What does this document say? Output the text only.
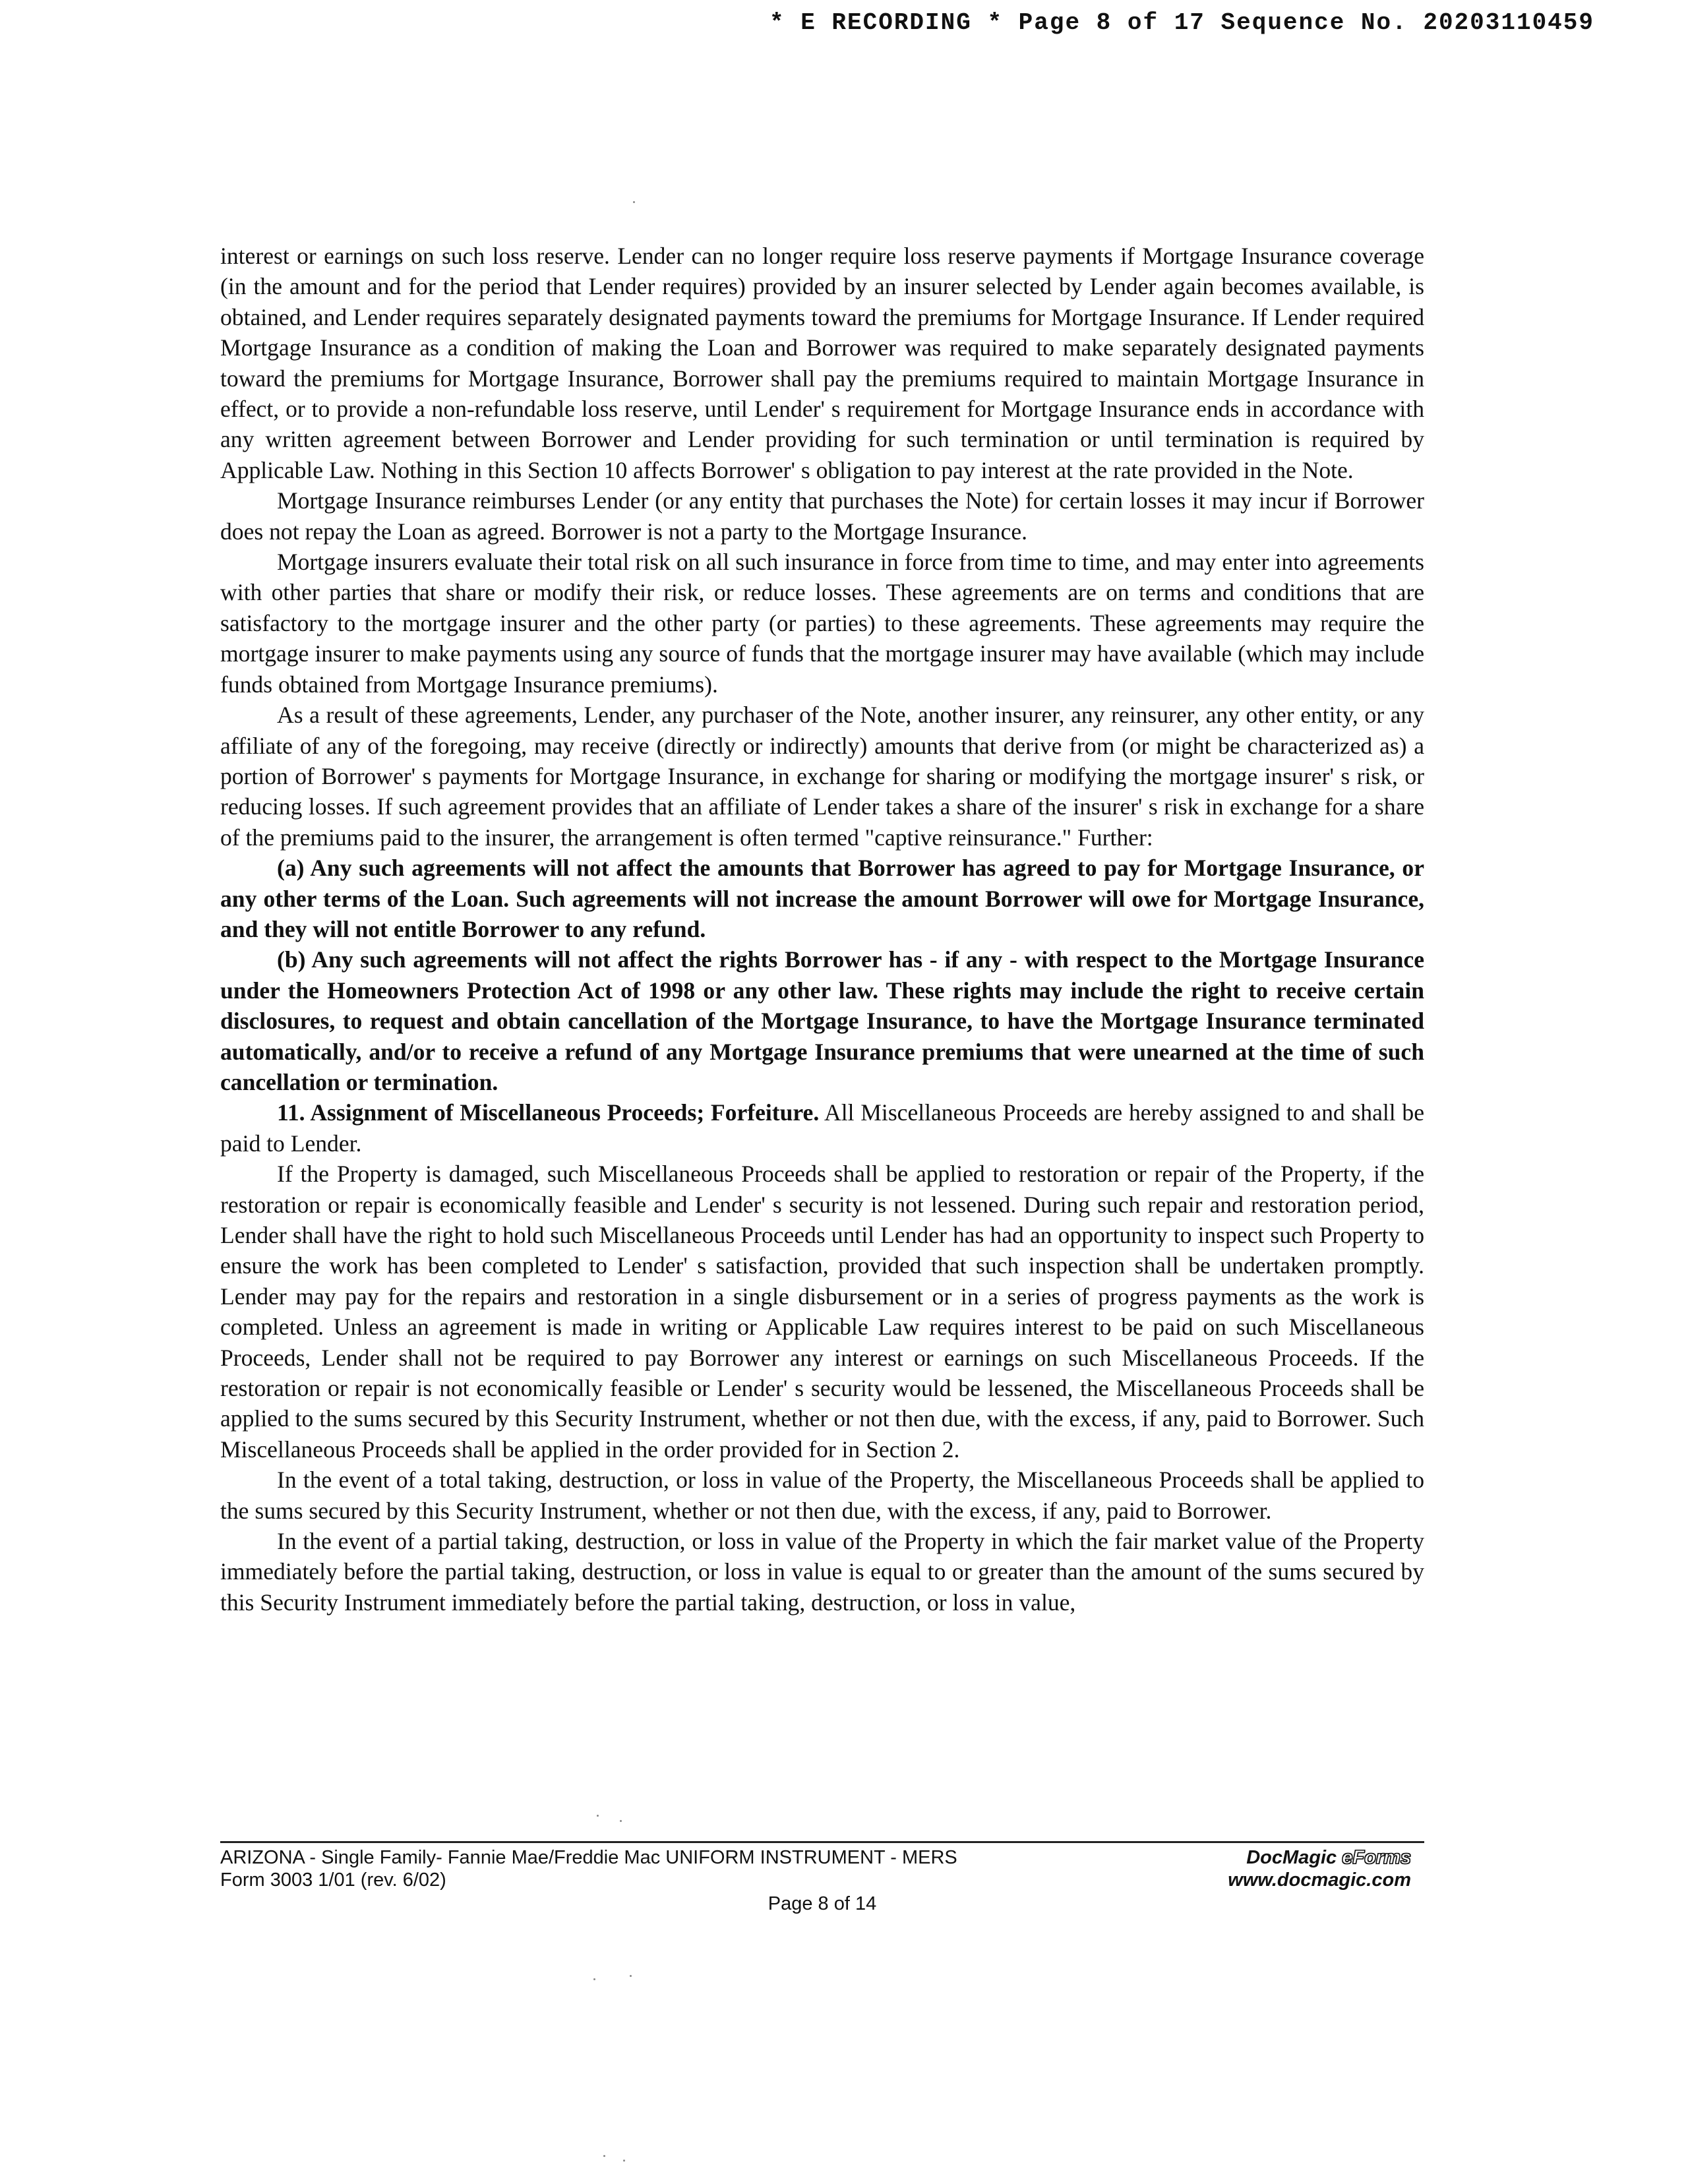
* E RECORDING * Page 8 of 17 Sequence No. 20203110459

interest or earnings on such loss reserve. Lender can no longer require loss reserve payments if Mortgage Insurance coverage (in the amount and for the period that Lender requires) provided by an insurer selected by Lender again becomes available, is obtained, and Lender requires separately designated payments toward the premiums for Mortgage Insurance. If Lender required Mortgage Insurance as a condition of making the Loan and Borrower was required to make separately designated payments toward the premiums for Mortgage Insurance, Borrower shall pay the premiums required to maintain Mortgage Insurance in effect, or to provide a non-refundable loss reserve, until Lender' s requirement for Mortgage Insurance ends in accordance with any written agreement between Borrower and Lender providing for such termination or until termination is required by Applicable Law. Nothing in this Section 10 affects Borrower' s obligation to pay interest at the rate provided in the Note.

Mortgage Insurance reimburses Lender (or any entity that purchases the Note) for certain losses it may incur if Borrower does not repay the Loan as agreed. Borrower is not a party to the Mortgage Insurance.

Mortgage insurers evaluate their total risk on all such insurance in force from time to time, and may enter into agreements with other parties that share or modify their risk, or reduce losses. These agreements are on terms and conditions that are satisfactory to the mortgage insurer and the other party (or parties) to these agreements. These agreements may require the mortgage insurer to make payments using any source of funds that the mortgage insurer may have available (which may include funds obtained from Mortgage Insurance premiums).

As a result of these agreements, Lender, any purchaser of the Note, another insurer, any reinsurer, any other entity, or any affiliate of any of the foregoing, may receive (directly or indirectly) amounts that derive from (or might be characterized as) a portion of Borrower' s payments for Mortgage Insurance, in exchange for sharing or modifying the mortgage insurer' s risk, or reducing losses. If such agreement provides that an affiliate of Lender takes a share of the insurer' s risk in exchange for a share of the premiums paid to the insurer, the arrangement is often termed "captive reinsurance." Further:

(a) Any such agreements will not affect the amounts that Borrower has agreed to pay for Mortgage Insurance, or any other terms of the Loan. Such agreements will not increase the amount Borrower will owe for Mortgage Insurance, and they will not entitle Borrower to any refund.

(b) Any such agreements will not affect the rights Borrower has - if any - with respect to the Mortgage Insurance under the Homeowners Protection Act of 1998 or any other law. These rights may include the right to receive certain disclosures, to request and obtain cancellation of the Mortgage Insurance, to have the Mortgage Insurance terminated automatically, and/or to receive a refund of any Mortgage Insurance premiums that were unearned at the time of such cancellation or termination.

11. Assignment of Miscellaneous Proceeds; Forfeiture. All Miscellaneous Proceeds are hereby assigned to and shall be paid to Lender.

If the Property is damaged, such Miscellaneous Proceeds shall be applied to restoration or repair of the Property, if the restoration or repair is economically feasible and Lender' s security is not lessened. During such repair and restoration period, Lender shall have the right to hold such Miscellaneous Proceeds until Lender has had an opportunity to inspect such Property to ensure the work has been completed to Lender' s satisfaction, provided that such inspection shall be undertaken promptly. Lender may pay for the repairs and restoration in a single disbursement or in a series of progress payments as the work is completed. Unless an agreement is made in writing or Applicable Law requires interest to be paid on such Miscellaneous Proceeds, Lender shall not be required to pay Borrower any interest or earnings on such Miscellaneous Proceeds. If the restoration or repair is not economically feasible or Lender' s security would be lessened, the Miscellaneous Proceeds shall be applied to the sums secured by this Security Instrument, whether or not then due, with the excess, if any, paid to Borrower. Such Miscellaneous Proceeds shall be applied in the order provided for in Section 2.

In the event of a total taking, destruction, or loss in value of the Property, the Miscellaneous Proceeds shall be applied to the sums secured by this Security Instrument, whether or not then due, with the excess, if any, paid to Borrower.

In the event of a partial taking, destruction, or loss in value of the Property in which the fair market value of the Property immediately before the partial taking, destruction, or loss in value is equal to or greater than the amount of the sums secured by this Security Instrument immediately before the partial taking, destruction, or loss in value,

ARIZONA - Single Family- Fannie Mae/Freddie Mac UNIFORM INSTRUMENT - MERS
Form 3003 1/01 (rev. 6/02)
DocMagic eForms
www.docmagic.com
Page 8 of 14
